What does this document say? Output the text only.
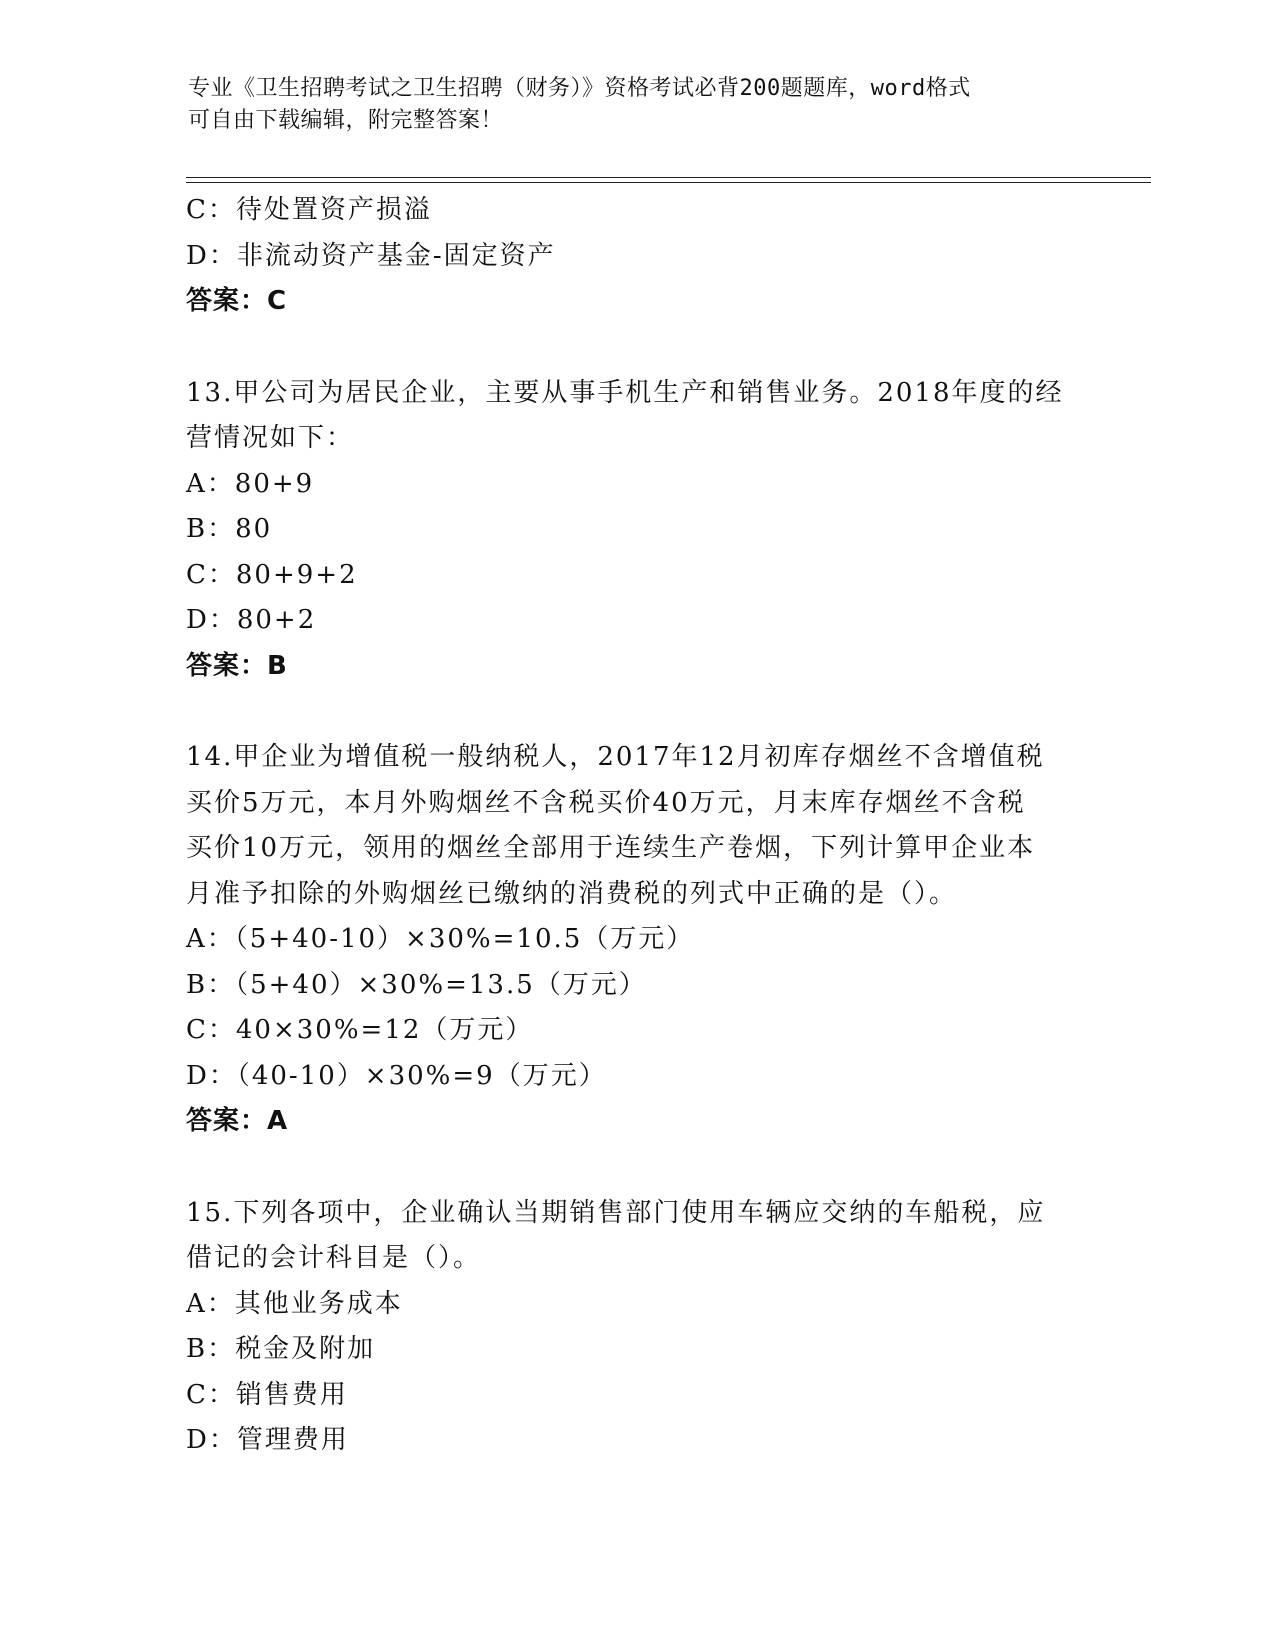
专业《卫生招聘考试之卫生招聘（财务）》资格考试必背200题题库，word格式
可自由下载编辑，附完整答案！
C：待处置资产损溢
D：非流动资产基金-固定资产
答案：C
13.甲公司为居民企业，主要从事手机生产和销售业务。2018年度的经
营情况如下：
A：80+9
B：80
C：80+9+2
D：80+2
答案：B
14.甲企业为增值税一般纳税人，2017年12月初库存烟丝不含增值税
买价5万元，本月外购烟丝不含税买价40万元，月末库存烟丝不含税
买价10万元，领用的烟丝全部用于连续生产卷烟，下列计算甲企业本
月准予扣除的外购烟丝已缴纳的消费税的列式中正确的是（）。
A：（5+40-10）×30%=10.5（万元）
B：（5+40）×30%=13.5（万元）
C：40×30%=12（万元）
D：（40-10）×30%=9（万元）
答案：A
15.下列各项中，企业确认当期销售部门使用车辆应交纳的车船税，应
借记的会计科目是（）。
A：其他业务成本
B：税金及附加
C：销售费用
D：管理费用
